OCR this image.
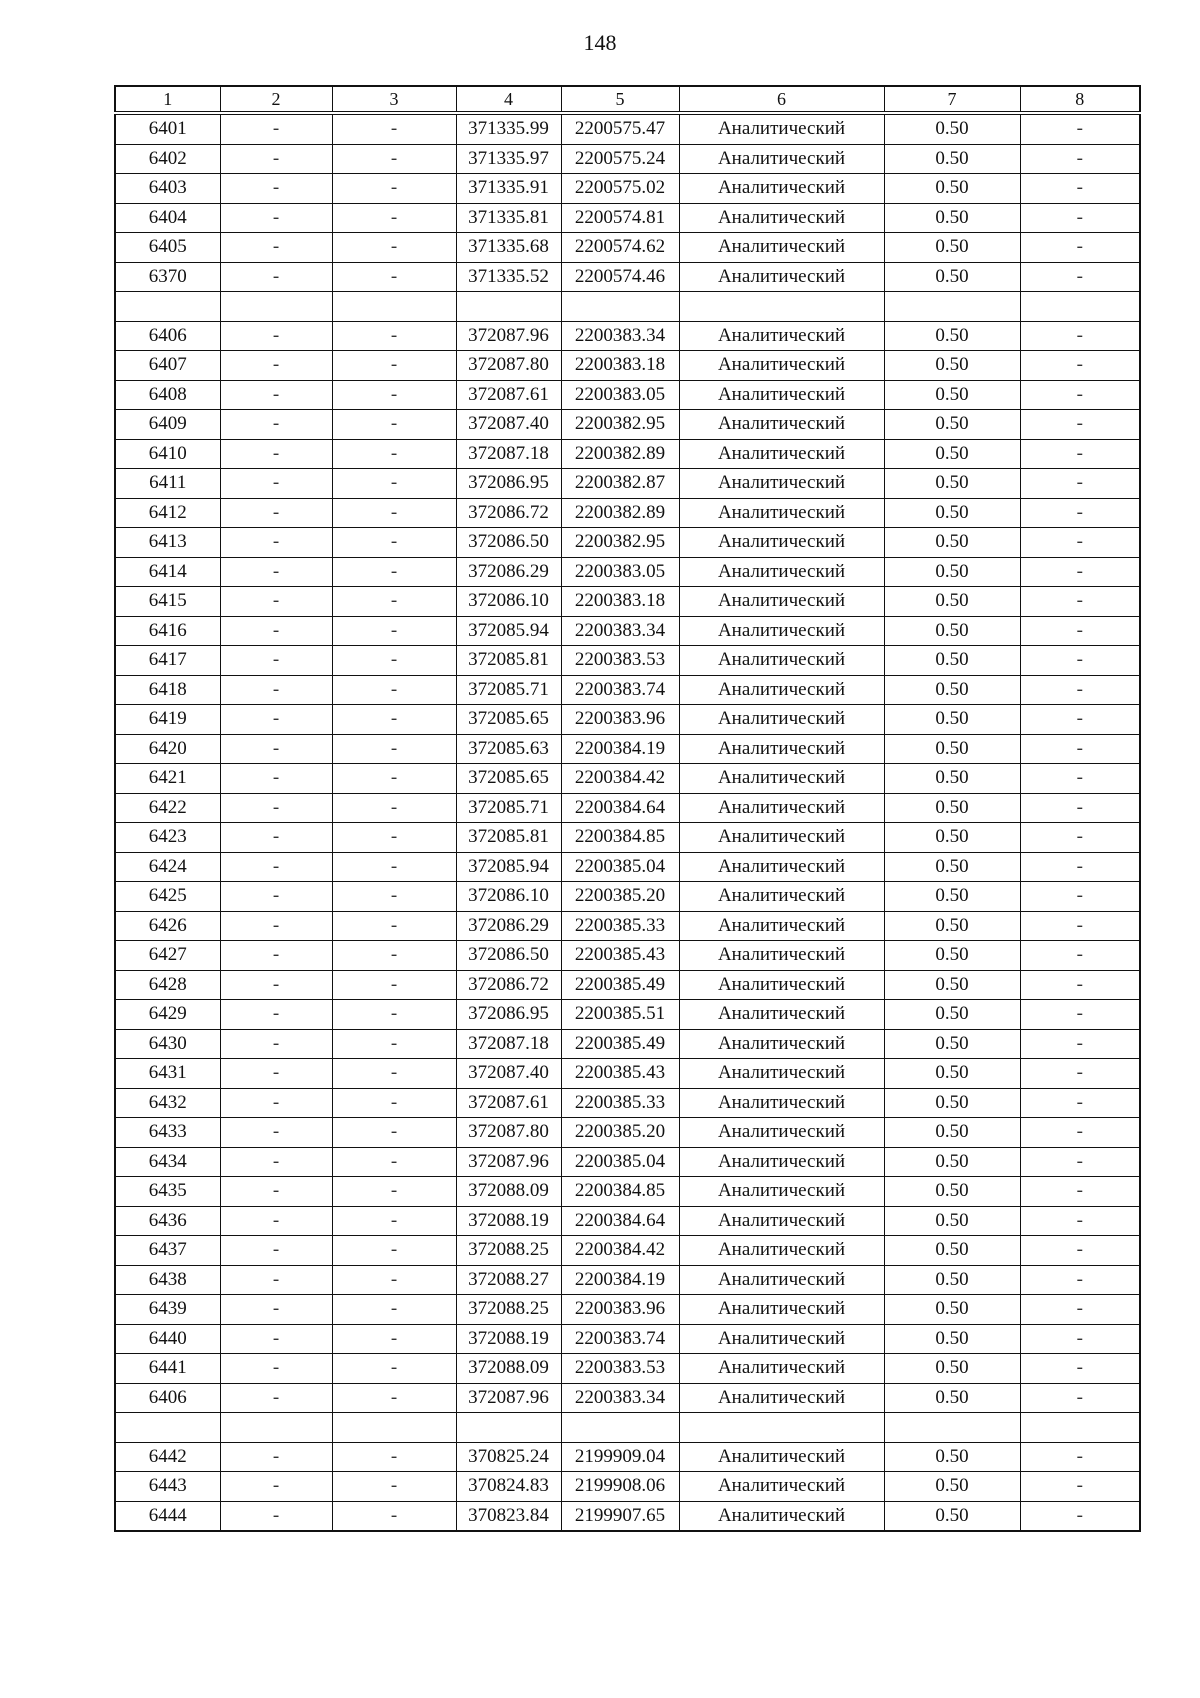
148
1	2	3	4	5	6	7	8
6401	-	-	371335.99	2200575.47	Аналитический	0.50	-
6402	-	-	371335.97	2200575.24	Аналитический	0.50	-
6403	-	-	371335.91	2200575.02	Аналитический	0.50	-
6404	-	-	371335.81	2200574.81	Аналитический	0.50	-
6405	-	-	371335.68	2200574.62	Аналитический	0.50	-
6370	-	-	371335.52	2200574.46	Аналитический	0.50	-

6406	-	-	372087.96	2200383.34	Аналитический	0.50	-
6407	-	-	372087.80	2200383.18	Аналитический	0.50	-
6408	-	-	372087.61	2200383.05	Аналитический	0.50	-
6409	-	-	372087.40	2200382.95	Аналитический	0.50	-
6410	-	-	372087.18	2200382.89	Аналитический	0.50	-
6411	-	-	372086.95	2200382.87	Аналитический	0.50	-
6412	-	-	372086.72	2200382.89	Аналитический	0.50	-
6413	-	-	372086.50	2200382.95	Аналитический	0.50	-
6414	-	-	372086.29	2200383.05	Аналитический	0.50	-
6415	-	-	372086.10	2200383.18	Аналитический	0.50	-
6416	-	-	372085.94	2200383.34	Аналитический	0.50	-
6417	-	-	372085.81	2200383.53	Аналитический	0.50	-
6418	-	-	372085.71	2200383.74	Аналитический	0.50	-
6419	-	-	372085.65	2200383.96	Аналитический	0.50	-
6420	-	-	372085.63	2200384.19	Аналитический	0.50	-
6421	-	-	372085.65	2200384.42	Аналитический	0.50	-
6422	-	-	372085.71	2200384.64	Аналитический	0.50	-
6423	-	-	372085.81	2200384.85	Аналитический	0.50	-
6424	-	-	372085.94	2200385.04	Аналитический	0.50	-
6425	-	-	372086.10	2200385.20	Аналитический	0.50	-
6426	-	-	372086.29	2200385.33	Аналитический	0.50	-
6427	-	-	372086.50	2200385.43	Аналитический	0.50	-
6428	-	-	372086.72	2200385.49	Аналитический	0.50	-
6429	-	-	372086.95	2200385.51	Аналитический	0.50	-
6430	-	-	372087.18	2200385.49	Аналитический	0.50	-
6431	-	-	372087.40	2200385.43	Аналитический	0.50	-
6432	-	-	372087.61	2200385.33	Аналитический	0.50	-
6433	-	-	372087.80	2200385.20	Аналитический	0.50	-
6434	-	-	372087.96	2200385.04	Аналитический	0.50	-
6435	-	-	372088.09	2200384.85	Аналитический	0.50	-
6436	-	-	372088.19	2200384.64	Аналитический	0.50	-
6437	-	-	372088.25	2200384.42	Аналитический	0.50	-
6438	-	-	372088.27	2200384.19	Аналитический	0.50	-
6439	-	-	372088.25	2200383.96	Аналитический	0.50	-
6440	-	-	372088.19	2200383.74	Аналитический	0.50	-
6441	-	-	372088.09	2200383.53	Аналитический	0.50	-
6406	-	-	372087.96	2200383.34	Аналитический	0.50	-

6442	-	-	370825.24	2199909.04	Аналитический	0.50	-
6443	-	-	370824.83	2199908.06	Аналитический	0.50	-
6444	-	-	370823.84	2199907.65	Аналитический	0.50	-
